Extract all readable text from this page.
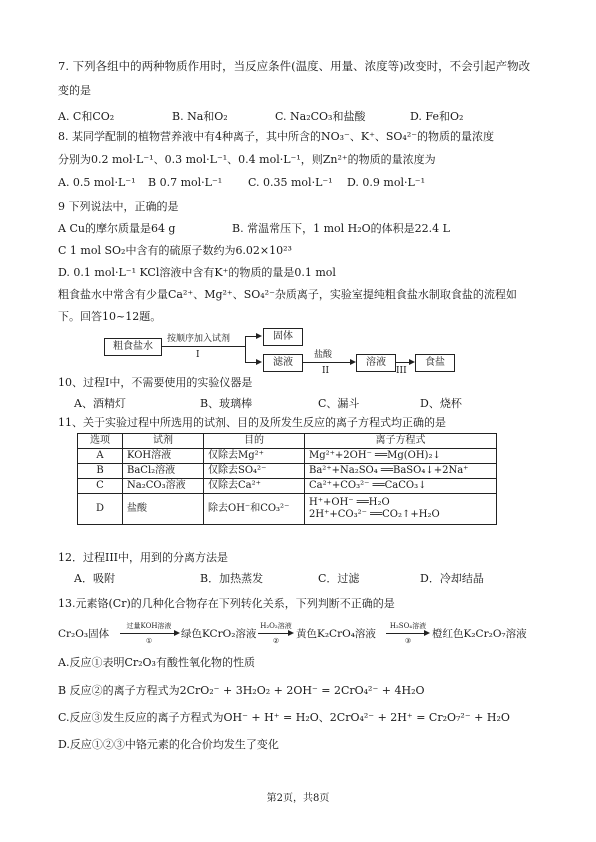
7. 下列各组中的两种物质作用时，当反应条件(温度、用量、浓度等)改变时，不会引起产物改
变的是
A. C和CO₂	B. Na和O₂	C. Na₂CO₃和盐酸	D. Fe和O₂
8. 某同学配制的植物营养液中有4种离子，其中所含的NO₃⁻、K⁺、SO₄²⁻的物质的量浓度
分别为0.2 mol·L⁻¹、0.3 mol·L⁻¹、0.4 mol·L⁻¹，则Zn²⁺的物质的量浓度为
A. 0.5 mol·L⁻¹ B 0.7 mol·L⁻¹ C. 0.35 mol·L⁻¹ D. 0.9 mol·L⁻¹
9 下列说法中，正确的是
A Cu的摩尔质量是64 g	B. 常温常压下，1 mol H₂O的体积是22.4 L
C 1 mol SO₂中含有的硫原子数约为6.02×10²³
D. 0.1 mol·L⁻¹ KCl溶液中含有K⁺的物质的量是0.1 mol
粗食盐水中常含有少量Ca²⁺、Mg²⁺、SO₄²⁻杂质离子，实验室提纯粗食盐水制取食盐的流程如
下。回答10~12题。
粗食盐水
按顺序加入试剂
I
固体
滤液
盐酸
II
溶液
III
食盐
10、过程Ⅰ中，不需要使用的实验仪器是
A、酒精灯	B、玻璃棒	C、漏斗	D、烧杯
11、关于实验过程中所选用的试剂、目的及所发生反应的离子方程式均正确的是
选项	试剂	目的	离子方程式
A	KOH溶液	仅除去Mg²⁺	Mg²⁺+2OH⁻ ══Mg(OH)₂↓
B	BaCl₂溶液	仅除去SO₄²⁻	Ba²⁺+Na₂SO₄ ══BaSO₄↓+2Na⁺
C	Na₂CO₃溶液	仅除去Ca²⁺	Ca²⁺+CO₃²⁻ ══CaCO₃↓
D	盐酸	除去OH⁻和CO₃²⁻	H⁺+OH⁻ ══H₂O
2H⁺+CO₃²⁻ ══CO₂↑+H₂O
12．过程III中，用到的分离方法是
A．吸附	B．加热蒸发	C．过滤	D．冷却结晶
13.元素铬(Cr)的几种化合物存在下列转化关系，下列判断不正确的是
Cr₂O₃固体
过量KOH溶液
①
绿色KCrO₂溶液
H₂O₂溶液
②
黄色K₂CrO₄溶液
H₂SO₄溶液
③
橙红色K₂Cr₂O₇溶液
A.反应①表明Cr₂O₃有酸性氧化物的性质
B 反应②的离子方程式为2CrO₂⁻ + 3H₂O₂ + 2OH⁻ = 2CrO₄²⁻ + 4H₂O
C.反应③发生反应的离子方程式为OH⁻ + H⁺ = H₂O、2CrO₄²⁻ + 2H⁺ = Cr₂O₇²⁻ + H₂O
D.反应①②③中铬元素的化合价均发生了变化
第2页，共8页
